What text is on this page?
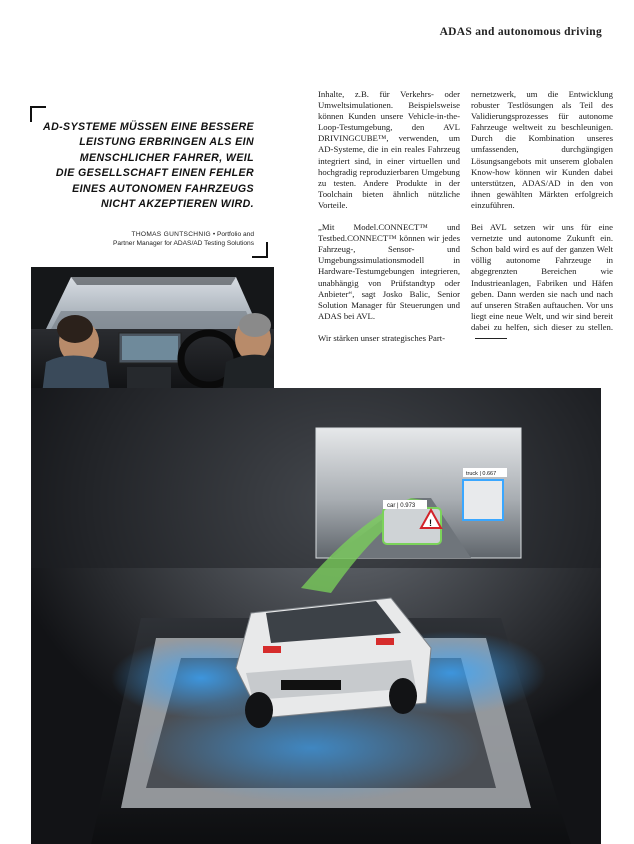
ADAS and autonomous driving
AD-SYSTEME MÜSSEN EINE BESSERE
LEISTUNG ERBRINGEN ALS EIN
MENSCHLICHER FAHRER, WEIL
DIE GESELLSCHAFT EINEN FEHLER
EINES AUTONOMEN FAHRZEUGS
NICHT AKZEPTIEREN WIRD.
THOMAS GUNTSCHNIG • Portfolio and
Partner Manager for ADAS/AD Testing Solutions

Inhalte, z.B. für Verkehrs- oder Umweltsimulationen. Beispielsweise können Kunden unsere Vehicle-in-the-Loop-Testumgebung, den AVL DRIVINGCUBE™, verwenden, um AD-Systeme, die in ein reales Fahrzeug integriert sind, in einer virtuellen und hochgradig reproduzierbaren Umgebung zu testen. Andere Produkte in der Toolchain bieten ähnlich nützliche Vorteile.

„Mit Model.CONNECT™ und Testbed.CONNECT™ können wir jedes Fahrzeug-, Sensor- und Umgebungssimulationsmodell in Hardware-Testumgebungen integrieren, unabhängig von Prüfstandtyp oder Anbieter“, sagt Josko Balic, Senior Solution Manager für Steuerungen und ADAS bei AVL.

Wir stärken unser strategisches Part-

nernetzwerk, um die Entwicklung robuster Testlösungen als Teil des Validierungsprozesses für autonome Fahrzeuge weltweit zu beschleunigen. Durch die Kombination unseres umfassenden, durchgängigen Lösungsangebots mit unserem globalen Know-how können wir Kunden dabei unterstützen, ADAS/AD in den von ihnen gewählten Märkten erfolgreich einzuführen.

Bei AVL setzen wir uns für eine vernetzte und autonome Zukunft ein. Schon bald wird es auf der ganzen Welt völlig autonome Fahrzeuge in abgegrenzten Bereichen wie Industrieanlagen, Fabriken und Häfen geben. Dann werden sie nach und nach auf unseren Straßen auftauchen. Vor uns liegt eine neue Welt, und wir sind bereit dabei zu helfen, sich dieser zu stellen.

car | 0.973
!
truck | 0.667
